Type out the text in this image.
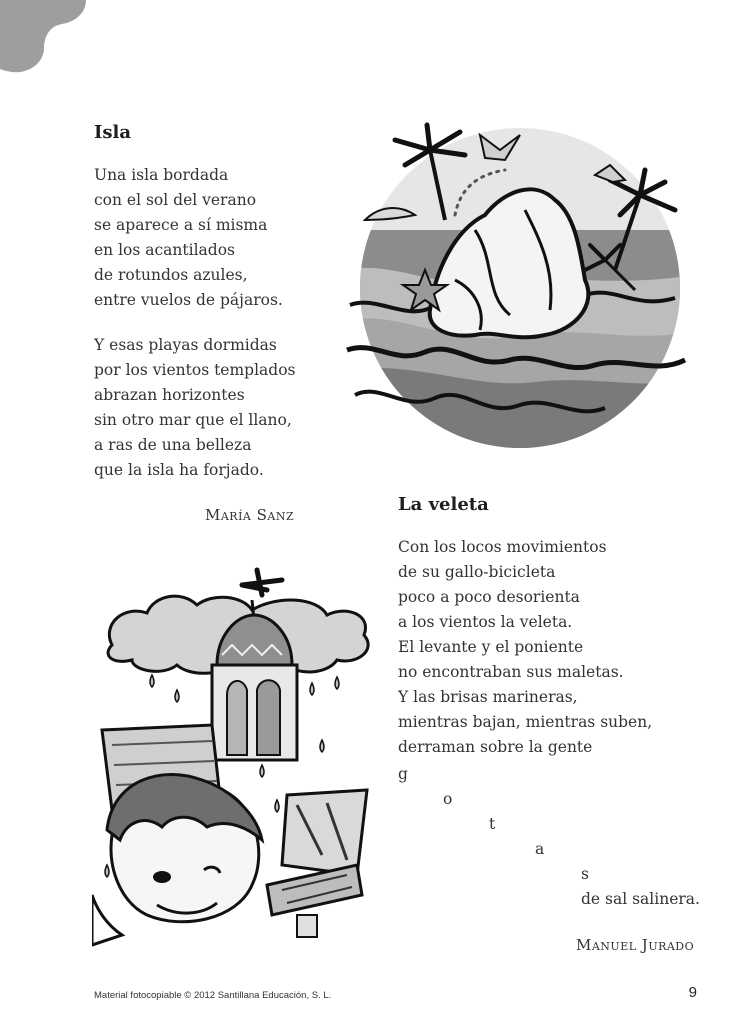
Isla
Una isla bordada
con el sol del verano
se aparece a sí misma
en los acantilados
de rotundos azules,
entre vuelos de pájaros.
Y esas playas dormidas
por los vientos templados
abrazan horizontes
sin otro mar que el llano,
a ras de una belleza
que la isla ha forjado.
María Sanz	La veleta
Con los locos movimientos
de su gallo-bicicleta
poco a poco desorienta
a los vientos la veleta.
El levante y el poniente
no encontraban sus maletas.
Y las brisas marineras,
mientras bajan, mientras suben,
derraman sobre la gente
g
o
t
a
s
de sal salinera.
Manuel Jurado
Material fotocopiable © 2012 Santillana Educación, S. L.	9
